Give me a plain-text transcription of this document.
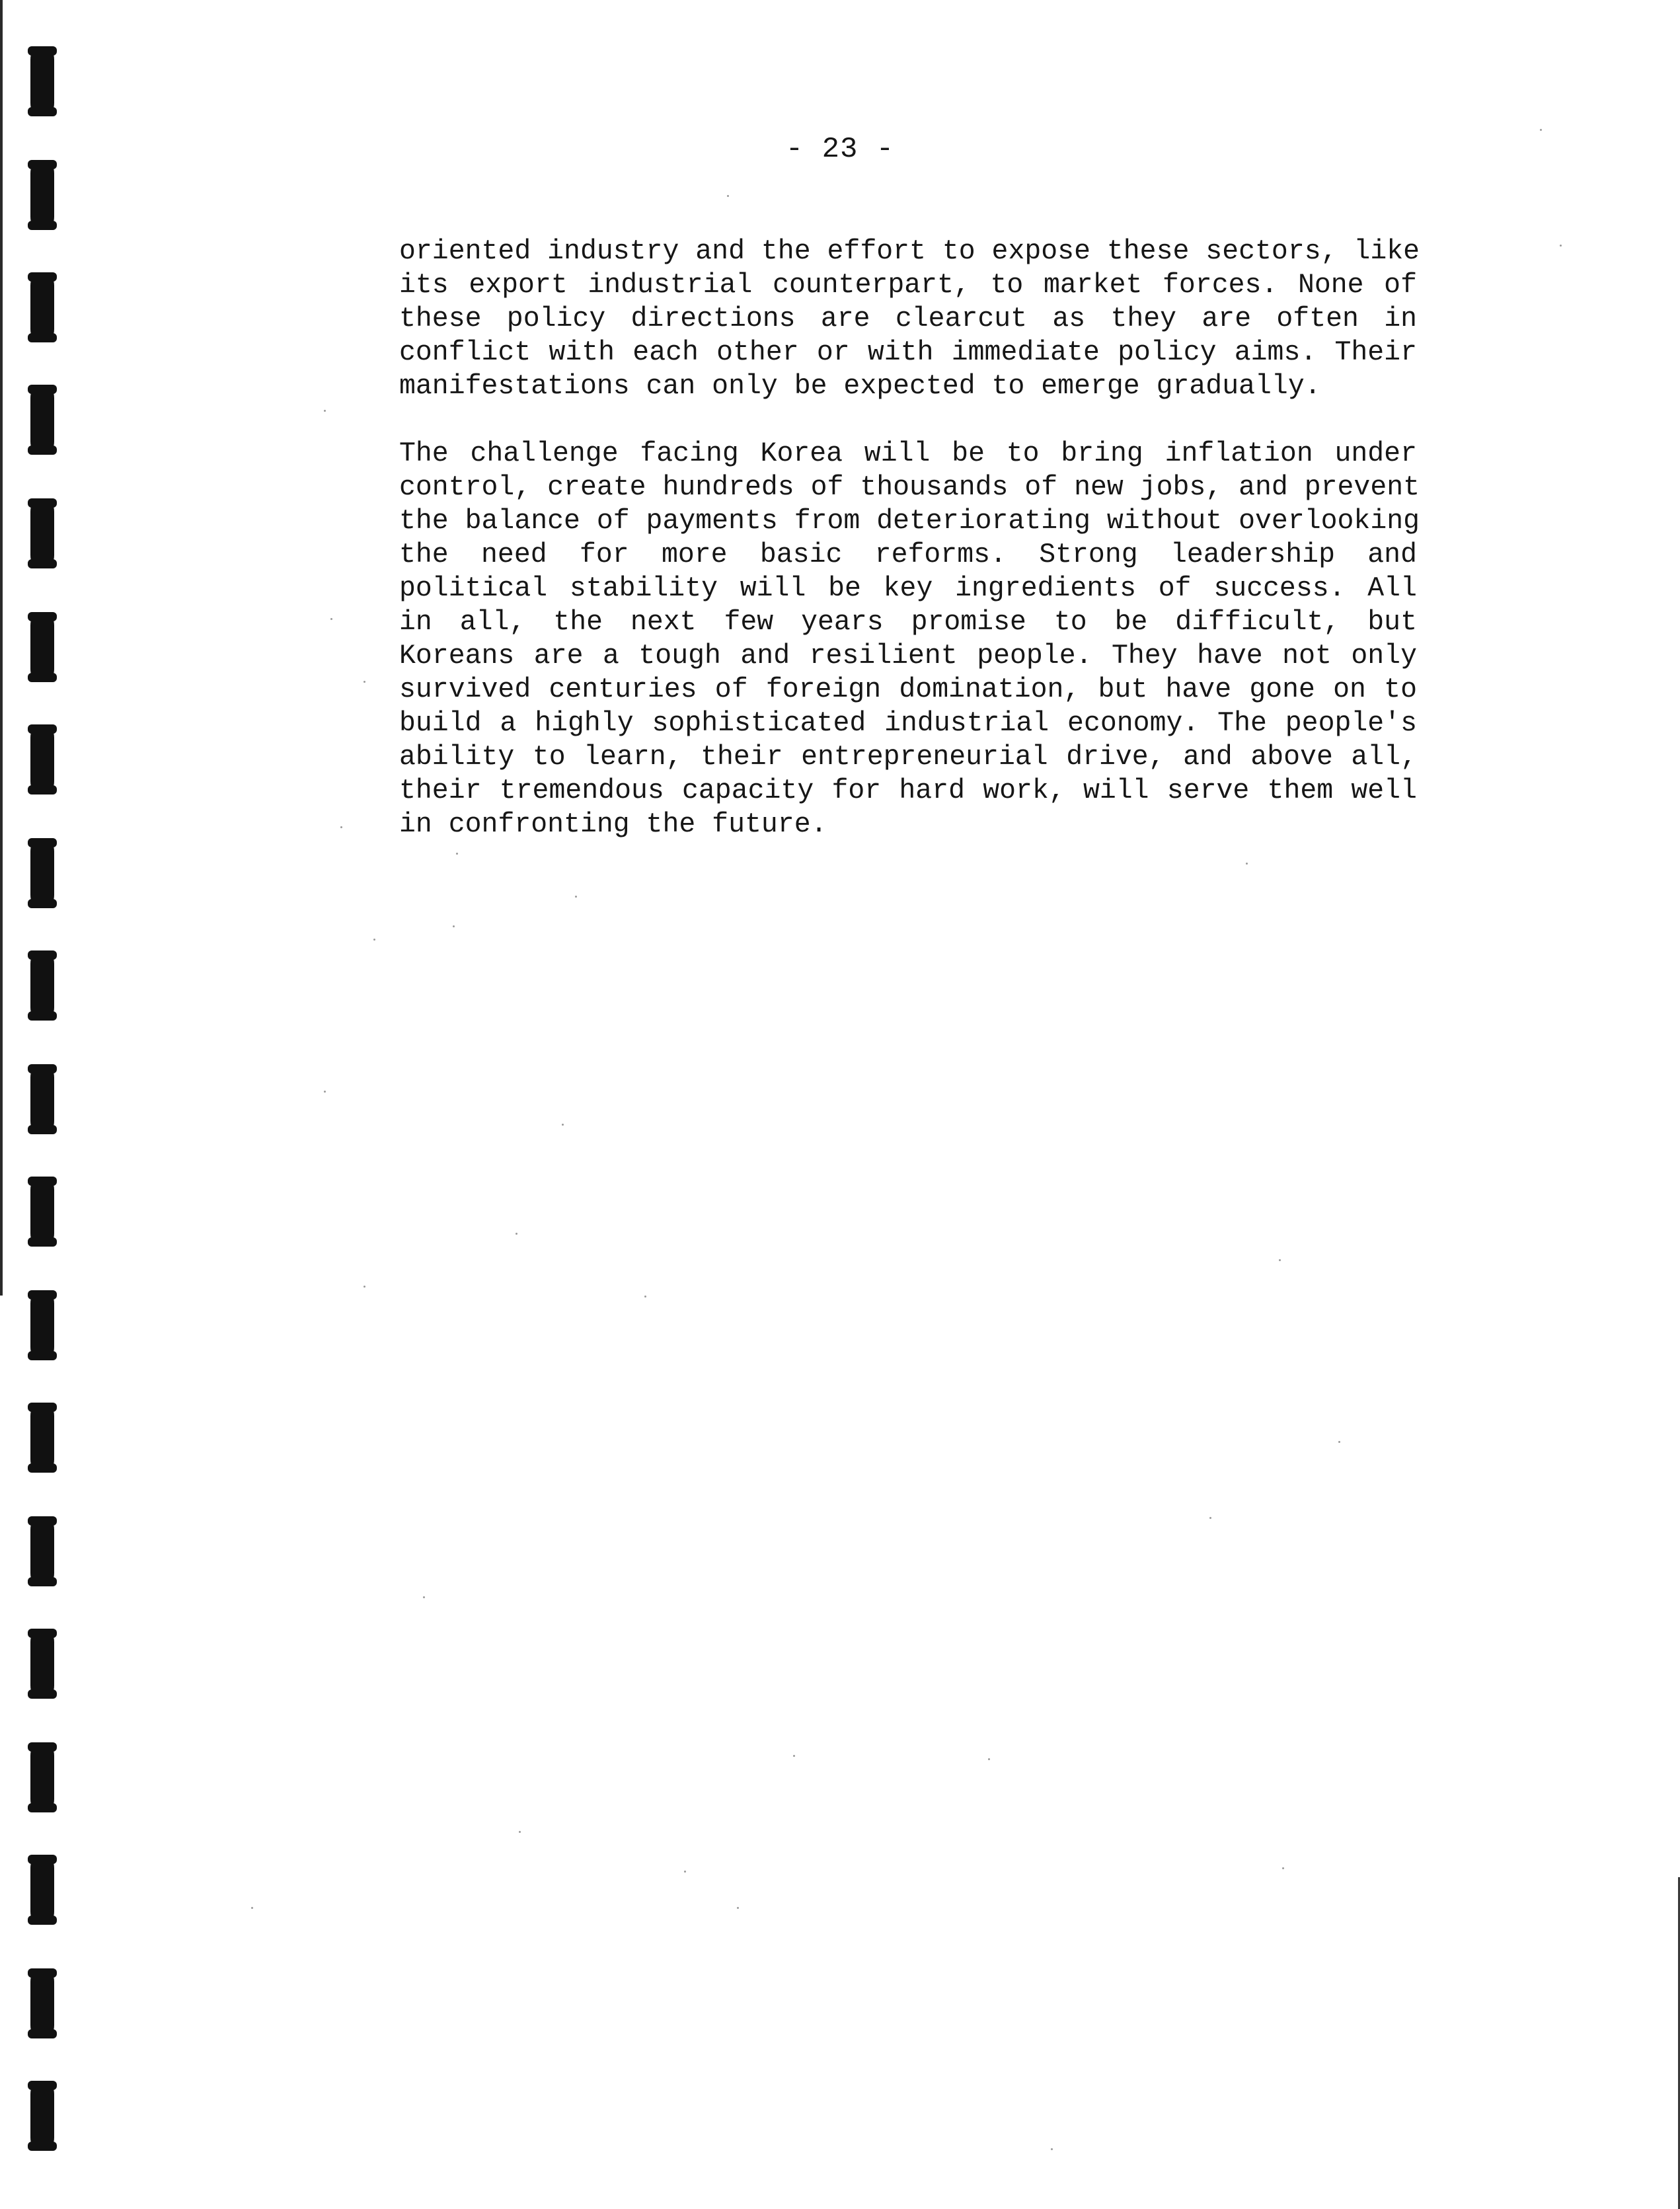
- 23 -

oriented industry and the effort to expose these sectors, like
its export industrial counterpart, to market forces. None of
these policy directions are clearcut as they are often in
conflict with each other or with immediate policy aims. Their
manifestations can only be expected to emerge gradually.

The challenge facing Korea will be to bring inflation under
control, create hundreds of thousands of new jobs, and prevent
the balance of payments from deteriorating without overlooking
the need for more basic reforms. Strong leadership and
political stability will be key ingredients of success. All
in all, the next few years promise to be difficult, but
Koreans are a tough and resilient people. They have not only
survived centuries of foreign domination, but have gone on to
build a highly sophisticated industrial economy. The people's
ability to learn, their entrepreneurial drive, and above all,
their tremendous capacity for hard work, will serve them well
in confronting the future.
